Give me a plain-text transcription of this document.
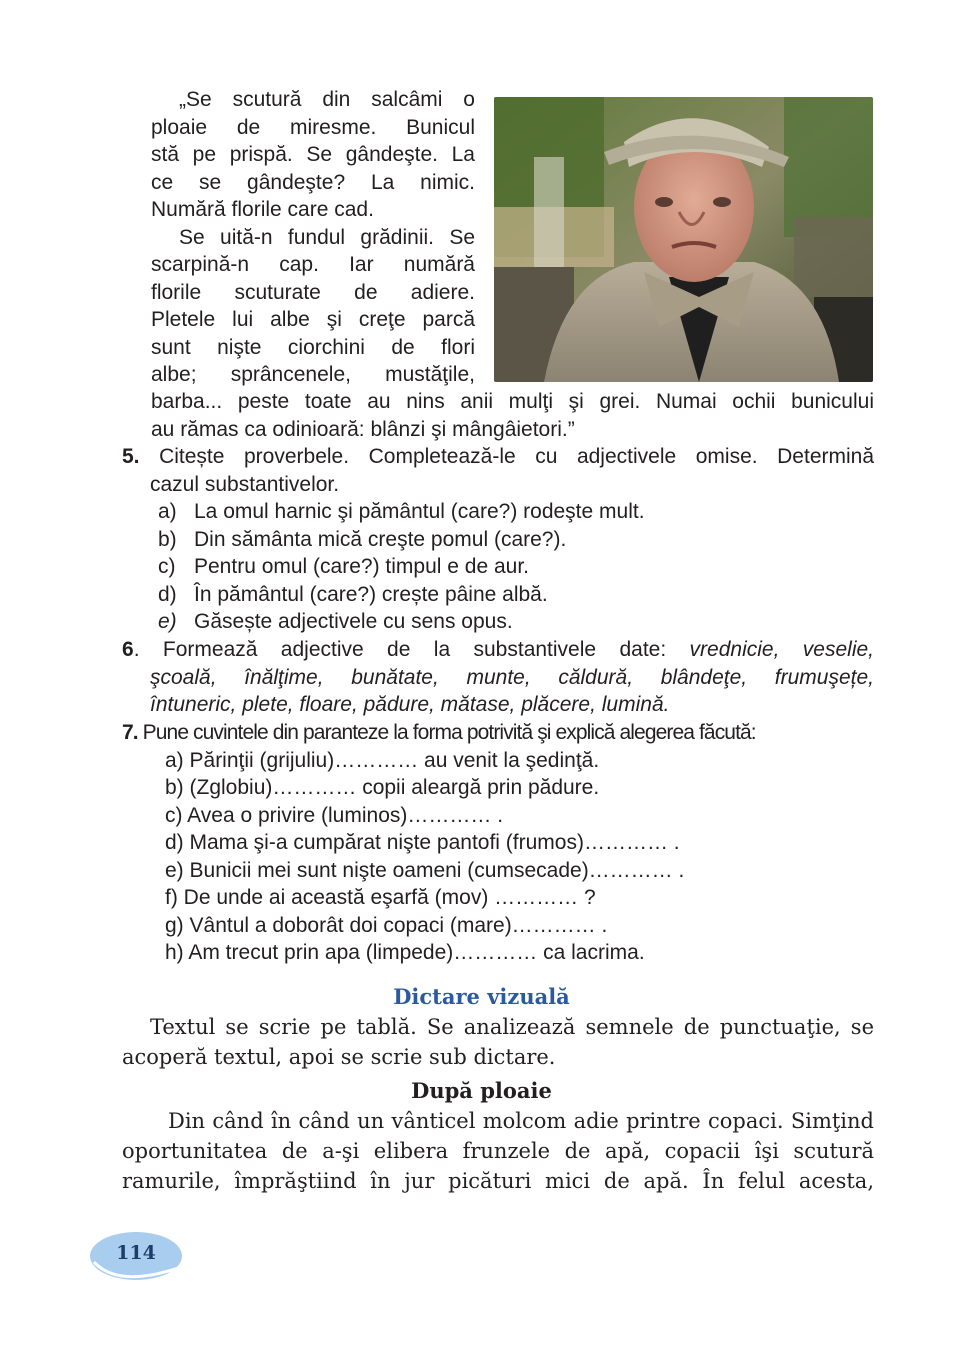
„Se scutură din salcâmi o

ploaie de miresme. Bunicul

stă pe prispă. Se gândeşte. La

ce se gândeşte? La nimic.

Numără florile care cad.

Se uită-n fundul grădinii. Se

scarpină-n cap. Iar numără

florile scuturate de adiere.

Pletele lui albe şi creţe parcă

sunt nişte ciorchini de flori

albe; sprâncenele, mustăţile,

barba... peste toate au nins anii mulţi şi grei. Numai ochii bunicului

au rămas ca odinioară: blânzi şi mângâietori.”

5. Citește proverbele. Completează-le cu adjectivele omise. Determină

cazul substantivelor.

a) La omul harnic şi pământul (care?) rodeşte mult.
b) Din sământa mică creşte pomul (care?).
c) Pentru omul (care?) timpul e de aur.
d) În pământul (care?) crește pâine albă.
e) Găsește adjectivele cu sens opus.

6. Formează adjective de la substantivele date: vrednicie, veselie,

şcoală, înălţime, bunătate, munte, căldură, blândeţe, frumuşețe,

întuneric, plete, floare, pădure, mătase, plăcere, lumină.

7. Pune cuvintele din paranteze la forma potrivită şi explică alegerea făcută:

a) Părinţii (grijuliu)………… au venit la şedinţă.

b) (Zglobiu)………… copii aleargă prin pădure.

c) Avea o privire (luminos)………… .

d) Mama şi-a cumpărat nişte pantofi (frumos)………… .

e) Bunicii mei sunt nişte oameni (cumsecade)………… .

f) De unde ai această eşarfă (mov) ………… ?

g) Vântul a doborât doi copaci (mare)………… .

h) Am trecut prin apa (limpede)………… ca lacrima.

Dictare vizuală

Textul se scrie pe tablă. Se analizează semnele de punctuaţie, se

acoperă textul, apoi se scrie sub dictare.

După ploaie

Din când în când un vânticel molcom adie printre copaci. Simţind

oportunitatea de a-şi elibera frunzele de apă, copacii îşi scutură

ramurile, împrăştiind în jur picături mici de apă. În felul acesta,

114
